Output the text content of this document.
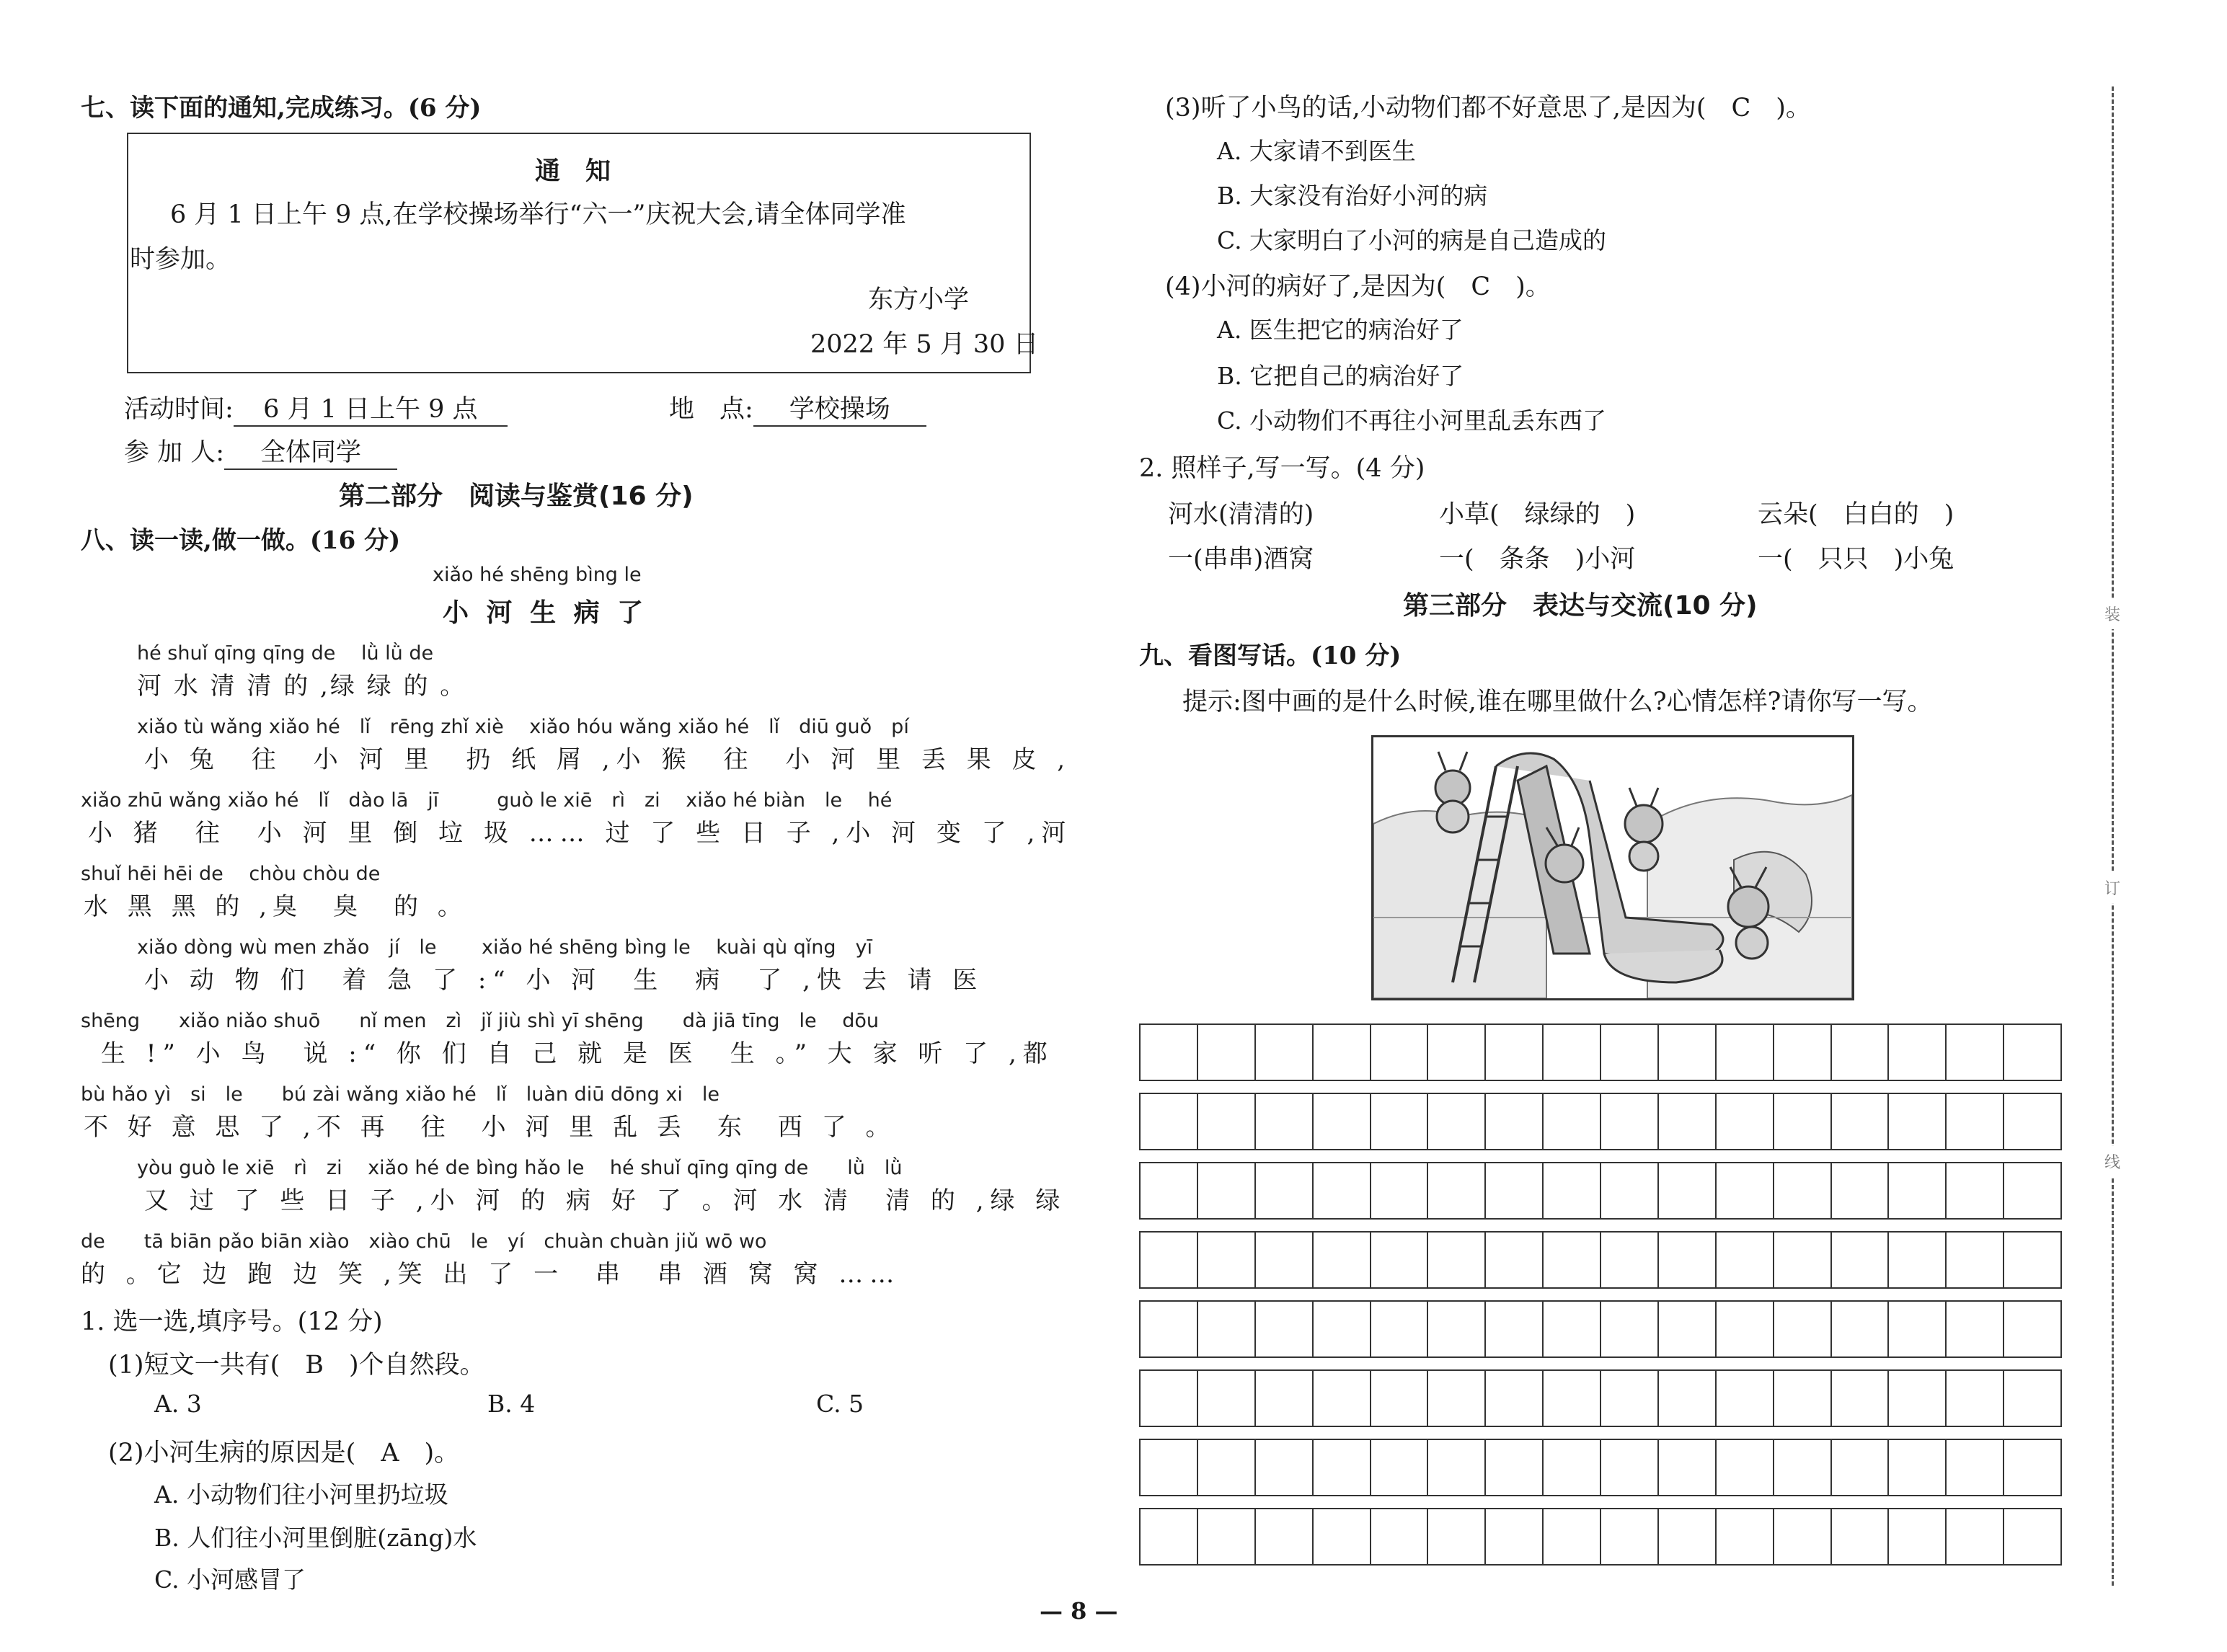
七、读下面的通知,完成练习。(6 分)
通　知
6 月 1 日上午 9 点,在学校操场举行“六一”庆祝大会,请全体同学准
时参加。
东方小学
2022 年 5 月 30 日
活动时间: 6 月 1 日上午 9 点	地　点: 学校操场
参 加 人: 全体同学
第二部分　阅读与鉴赏(16 分)
八、读一读,做一做。(16 分)
xiǎo hé shēng bìng le
小 河 生 病 了
hé shuǐ qīng qīng de　 lǜ lǜ de
河 水 清 清 的 ,绿 绿 的 。
xiǎo tù wǎng xiǎo hé　lǐ　rēng zhǐ xiè　 xiǎo hóu wǎng xiǎo hé　lǐ　diū guǒ　pí
小 兔　往　小 河 里　扔 纸 屑 ,小 猴　往　小 河 里 丢 果 皮 ,
xiǎo zhū wǎng xiǎo hé　lǐ　dào lā　jī　　　guò le xiē　rì　zi　 xiǎo hé biàn　le　 hé
小 猪　往　小 河 里 倒 垃 圾 …… 过 了 些 日 子 ,小 河 变 了 ,河
shuǐ hēi hēi de　 chòu chòu de
水 黑 黑 的 ,臭　臭　的 。
xiǎo dòng wù men zhǎo　jí　le　　 xiǎo hé shēng bìng le　 kuài qù qǐng　yī
小 动 物 们　着 急 了 :“ 小 河　生　病　了 ,快 去 请 医
shēng　　xiǎo niǎo shuō　　nǐ men　zì　jǐ jiù shì yī shēng　　dà jiā tīng　le　 dōu
生 !” 小 鸟　说 :“ 你 们 自 己 就 是 医　生 。” 大 家 听 了 ,都
bù hǎo yì　si　le　　bú zài wǎng xiǎo hé　lǐ　luàn diū dōng xi　le
不 好 意 思 了 ,不 再　往　小 河 里 乱 丢　东　西 了 。
yòu guò le xiē　rì　zi　 xiǎo hé de bìng hǎo le　 hé shuǐ qīng qīng de　　lǜ　lǜ
又 过 了 些 日 子 ,小 河 的 病 好 了 。河 水 清　清 的 ,绿 绿
de　　tā biān pǎo biān xiào　xiào chū　le　yí　chuàn chuàn jiǔ wō wo
的 。它 边 跑 边 笑 ,笑 出 了 一　串　串 酒 窝 窝 ……
1. 选一选,填序号。(12 分)
(1)短文一共有(　B　)个自然段。
A. 3	B. 4	C. 5
(2)小河生病的原因是(　A　)。
A. 小动物们往小河里扔垃圾
B. 人们往小河里倒脏(zāng)水
C. 小河感冒了
(3)听了小鸟的话,小动物们都不好意思了,是因为(　C　)。
A. 大家请不到医生
B. 大家没有治好小河的病
C. 大家明白了小河的病是自己造成的
(4)小河的病好了,是因为(　C　)。
A. 医生把它的病治好了
B. 它把自己的病治好了
C. 小动物们不再往小河里乱丢东西了
2. 照样子,写一写。(4 分)
河水(清清的)	小草(　绿绿的　)	云朵(　白白的　)
一(串串)酒窝	一(　条条　)小河	一(　只只　)小兔
第三部分　表达与交流(10 分)
九、看图写话。(10 分)
提示:图中画的是什么时候,谁在哪里做什么?心情怎样?请你写一写。
装
订
线
— 8 —
